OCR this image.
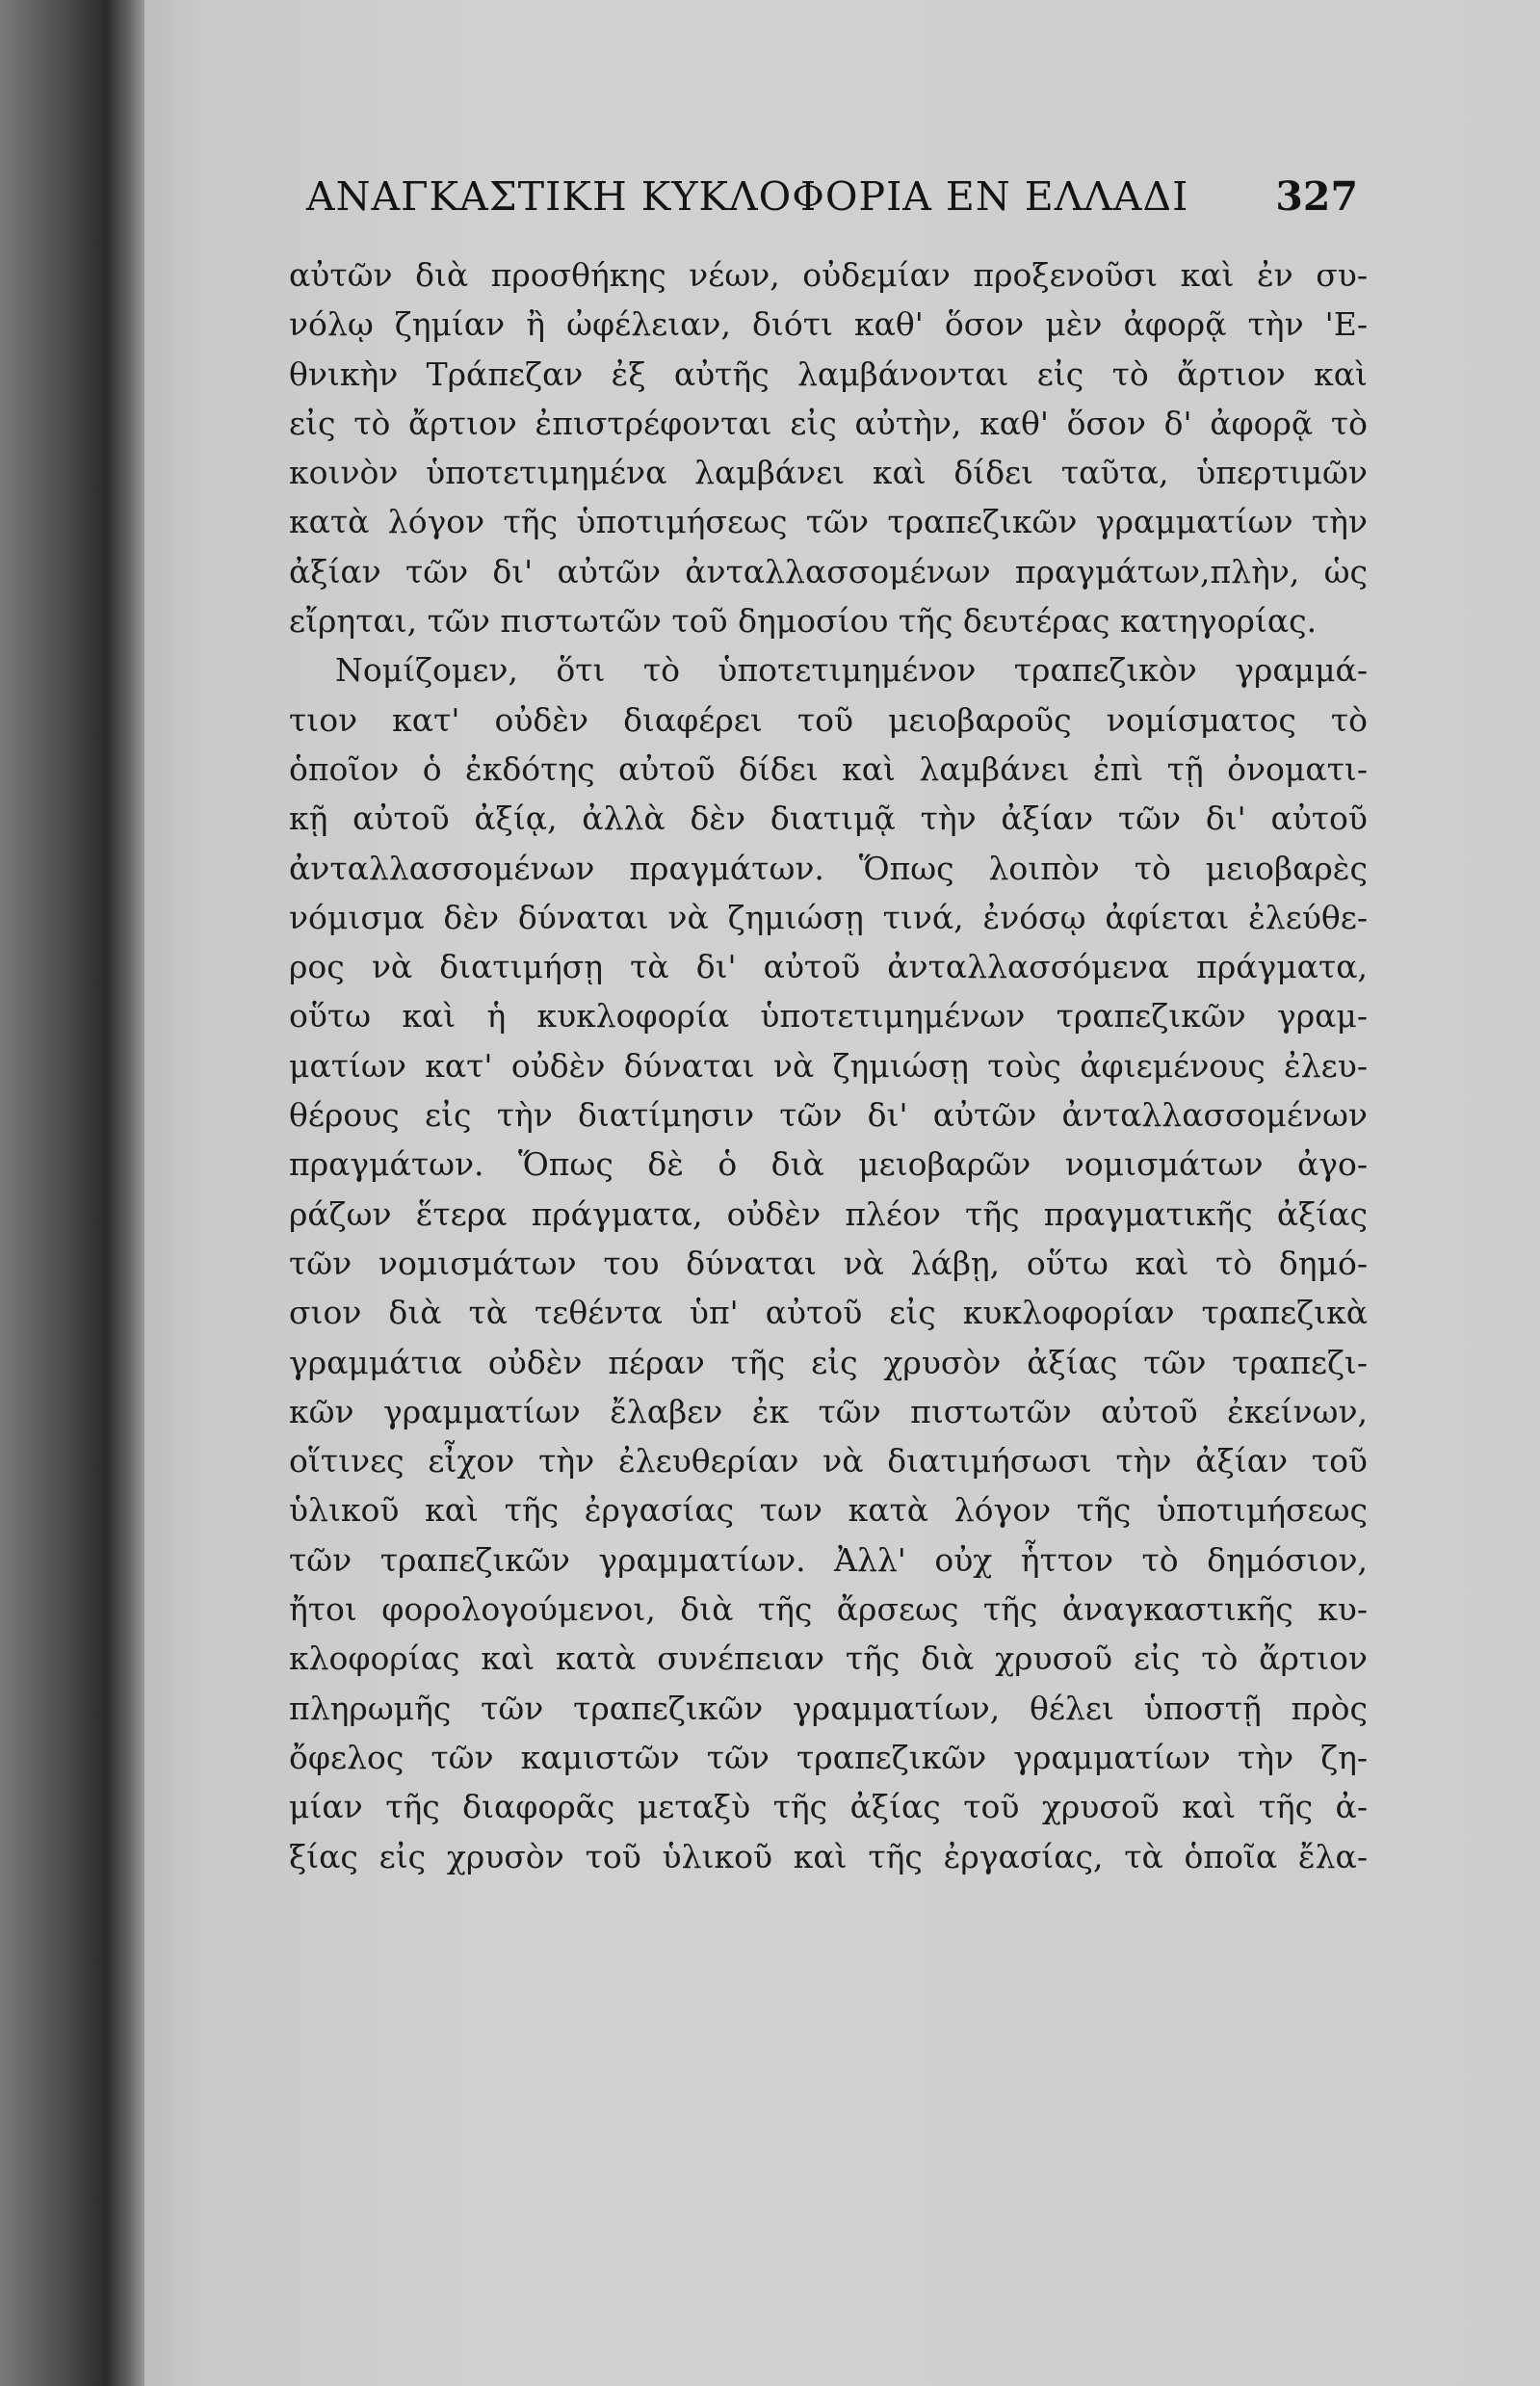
ΑΝΑΓΚΑΣΤΙΚΗ ΚΥΚΛΟΦΟΡΙΑ ΕΝ ΕΛΛΑΔΙ 327
αὐτῶν διὰ προσθήκης νέων, οὐδεμίαν προξενοῦσι καὶ ἐν συ-
νόλῳ ζημίαν ἢ ὠφέλειαν, διότι καθ' ὅσον μὲν ἀφορᾷ τὴν 'Ε-
θνικὴν Τράπεζαν ἐξ αὐτῆς λαμβάνονται εἰς τὸ ἄρτιον καὶ
εἰς τὸ ἄρτιον ἐπιστρέφονται εἰς αὐτὴν, καθ' ὅσον δ' ἀφορᾷ τὸ
κοινὸν ὑποτετιμημένα λαμβάνει καὶ δίδει ταῦτα, ὑπερτιμῶν
κατὰ λόγον τῆς ὑποτιμήσεως τῶν τραπεζικῶν γραμματίων τὴν
ἀξίαν τῶν δι' αὐτῶν ἀνταλλασσομένων πραγμάτων,πλὴν, ὡς
εἴρηται, τῶν πιστωτῶν τοῦ δημοσίου τῆς δευτέρας κατηγορίας.
Νομίζομεν, ὅτι τὸ ὑποτετιμημένον τραπεζικὸν γραμμά-
τιον κατ' οὐδὲν διαφέρει τοῦ μειοβαροῦς νομίσματος τὸ
ὁποῖον ὁ ἐκδότης αὐτοῦ δίδει καὶ λαμβάνει ἐπὶ τῇ ὀνοματι-
κῇ αὐτοῦ ἀξίᾳ, ἀλλὰ δὲν διατιμᾷ τὴν ἀξίαν τῶν δι' αὐτοῦ
ἀνταλλασσομένων πραγμάτων. Ὅπως λοιπὸν τὸ μειοβαρὲς
νόμισμα δὲν δύναται νὰ ζημιώσῃ τινά, ἐνόσῳ ἀφίεται ἐλεύθε-
ρος νὰ διατιμήσῃ τὰ δι' αὐτοῦ ἀνταλλασσόμενα πράγματα,
οὕτω καὶ ἡ κυκλοφορία ὑποτετιμημένων τραπεζικῶν γραμ-
ματίων κατ' οὐδὲν δύναται νὰ ζημιώσῃ τοὺς ἀφιεμένους ἐλευ-
θέρους εἰς τὴν διατίμησιν τῶν δι' αὐτῶν ἀνταλλασσομένων
πραγμάτων. Ὅπως δὲ ὁ διὰ μειοβαρῶν νομισμάτων ἀγο-
ράζων ἕτερα πράγματα, οὐδὲν πλέον τῆς πραγματικῆς ἀξίας
τῶν νομισμάτων του δύναται νὰ λάβῃ, οὕτω καὶ τὸ δημό-
σιον διὰ τὰ τεθέντα ὑπ' αὐτοῦ εἰς κυκλοφορίαν τραπεζικὰ
γραμμάτια οὐδὲν πέραν τῆς εἰς χρυσὸν ἀξίας τῶν τραπεζι-
κῶν γραμματίων ἔλαβεν ἐκ τῶν πιστωτῶν αὐτοῦ ἐκείνων,
οἵτινες εἶχον τὴν ἐλευθερίαν νὰ διατιμήσωσι τὴν ἀξίαν τοῦ
ὑλικοῦ καὶ τῆς ἐργασίας των κατὰ λόγον τῆς ὑποτιμήσεως
τῶν τραπεζικῶν γραμματίων. Ἀλλ' οὐχ ἧττον τὸ δημόσιον,
ἤτοι φορολογούμενοι, διὰ τῆς ἄρσεως τῆς ἀναγκαστικῆς κυ-
κλοφορίας καὶ κατὰ συνέπειαν τῆς διὰ χρυσοῦ εἰς τὸ ἄρτιον
πληρωμῆς τῶν τραπεζικῶν γραμματίων, θέλει ὑποστῇ πρὸς
ὄφελος τῶν καμιστῶν τῶν τραπεζικῶν γραμματίων τὴν ζη-
μίαν τῆς διαφορᾶς μεταξὺ τῆς ἀξίας τοῦ χρυσοῦ καὶ τῆς ἀ-
ξίας εἰς χρυσὸν τοῦ ὑλικοῦ καὶ τῆς ἐργασίας, τὰ ὁποῖα ἔλα-
